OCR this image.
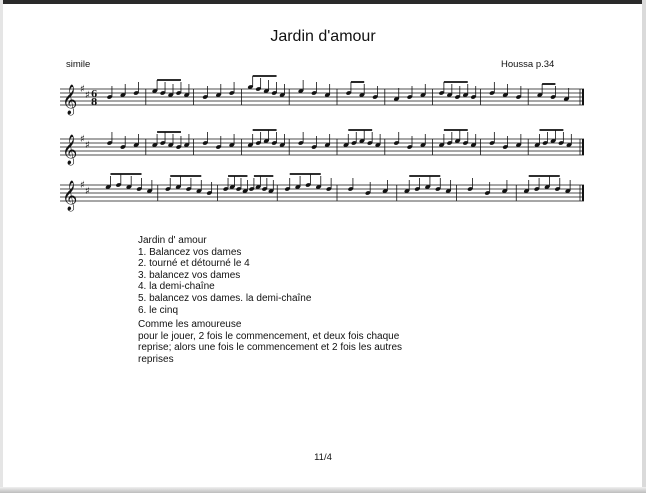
Jardin d'amour
simile	Houssa p.34
𝄞 ♯
♯ 6
8
𝄞 ♯
♯
𝄞 ♯
♯
Jardin d' amour
1. Balancez vos dames
2. tourné et détourné le 4
3. balancez vos dames
4. la demi-chaîne
5. balancez vos dames. la demi-chaîne
6. le cinq
Comme les amoureuse
pour le jouer, 2 fois le commencement, et deux fois chaque
reprise; alors une fois le commencement et 2 fois les autres
reprises
11/4
